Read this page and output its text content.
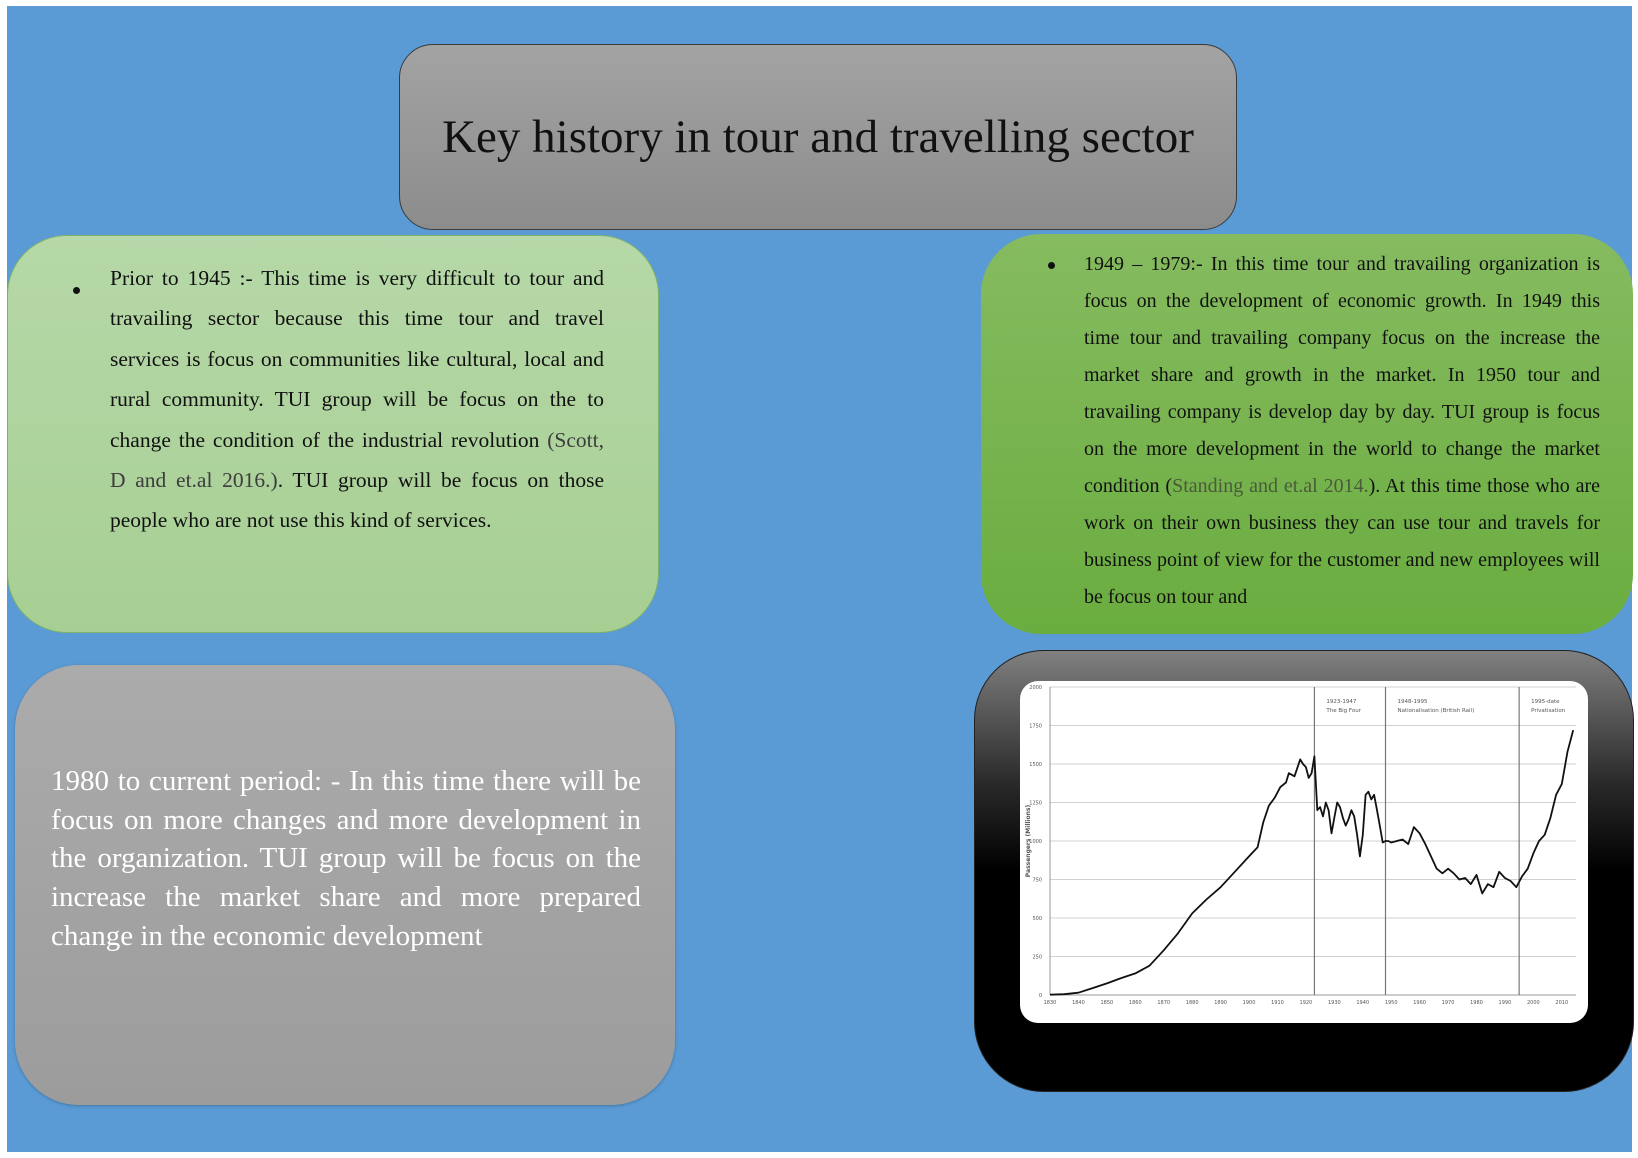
Key history in tour and travelling sector
Prior to 1945 :- This time is very difficult to tour and travailing sector because this time tour and travel services is focus on communities like cultural, local and rural community. TUI group will be focus on the to change the condition of the industrial revolution (Scott, D and et.al 2016.). TUI group will be focus on those people who are not use this kind of services.
1949 – 1979:- In this time tour and travailing organization is focus on the development of economic growth. In 1949 this time tour and travailing company focus on the increase the market share and growth in the market. In 1950 tour and travailing company is develop day by day. TUI group is focus on the more development in the world to change the market condition (Standing and et.al 2014.). At this time those who are work on their own business they can use tour and travels for business point of view for the customer and new employees will be focus on tour and
1980 to current period: - In this time there will be focus on more changes and more development in the organization. TUI group will be focus on the increase the market share and more prepared change in the economic development
0
250
500
750
1000
1250
1500
1750
2000
1830	1840	1850	1860	1870	1880	1890	1900	1910	1920	1930	1940	1950	1960	1970	1980	1990	2000	2010
Passengers (Millions)
1923-1947
The Big Four
1948-1995
Nationalisation (British Rail)
1995-date
Privatisation
